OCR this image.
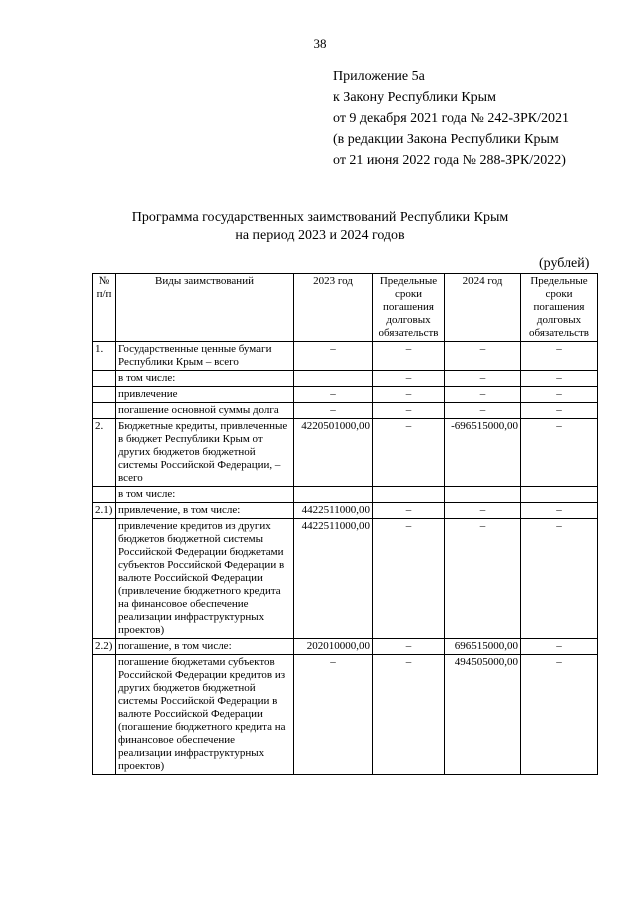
38
Приложение 5а
к Закону Республики Крым
от 9 декабря 2021 года № 242-ЗРК/2021
(в редакции Закона Республики Крым
от 21 июня 2022 года № 288-ЗРК/2022)
Программа государственных заимствований Республики Крым
на период 2023 и 2024 годов
(рублей)
№ п/п	Виды заимствований	2023 год	Предельные сроки погашения долговых обязательств	2024 год	Предельные сроки погашения долговых обязательств
1.	Государственные ценные бумаги Республики Крым – всего	–	–	–	–
	в том числе:		–	–	–
	привлечение	–	–	–	–
	погашение основной суммы долга	–	–	–	–
2.	Бюджетные кредиты, привлеченные в бюджет Республики Крым от других бюджетов бюджетной системы Российской Федерации, – всего	4220501000,00	–	-696515000,00	–
	в том числе:				
2.1)	привлечение, в том числе:	4422511000,00	–	–	–
	привлечение кредитов из других бюджетов бюджетной системы Российской Федерации бюджетами субъектов Российской Федерации в валюте Российской Федерации (привлечение бюджетного кредита на финансовое обеспечение реализации инфраструктурных проектов)	4422511000,00	–	–	–
2.2)	погашение, в том числе:	202010000,00	–	696515000,00	–
	погашение бюджетами субъектов Российской Федерации кредитов из других бюджетов бюджетной системы Российской Федерации в валюте Российской Федерации (погашение бюджетного кредита на финансовое обеспечение реализации инфраструктурных проектов)	–	–	494505000,00	–
